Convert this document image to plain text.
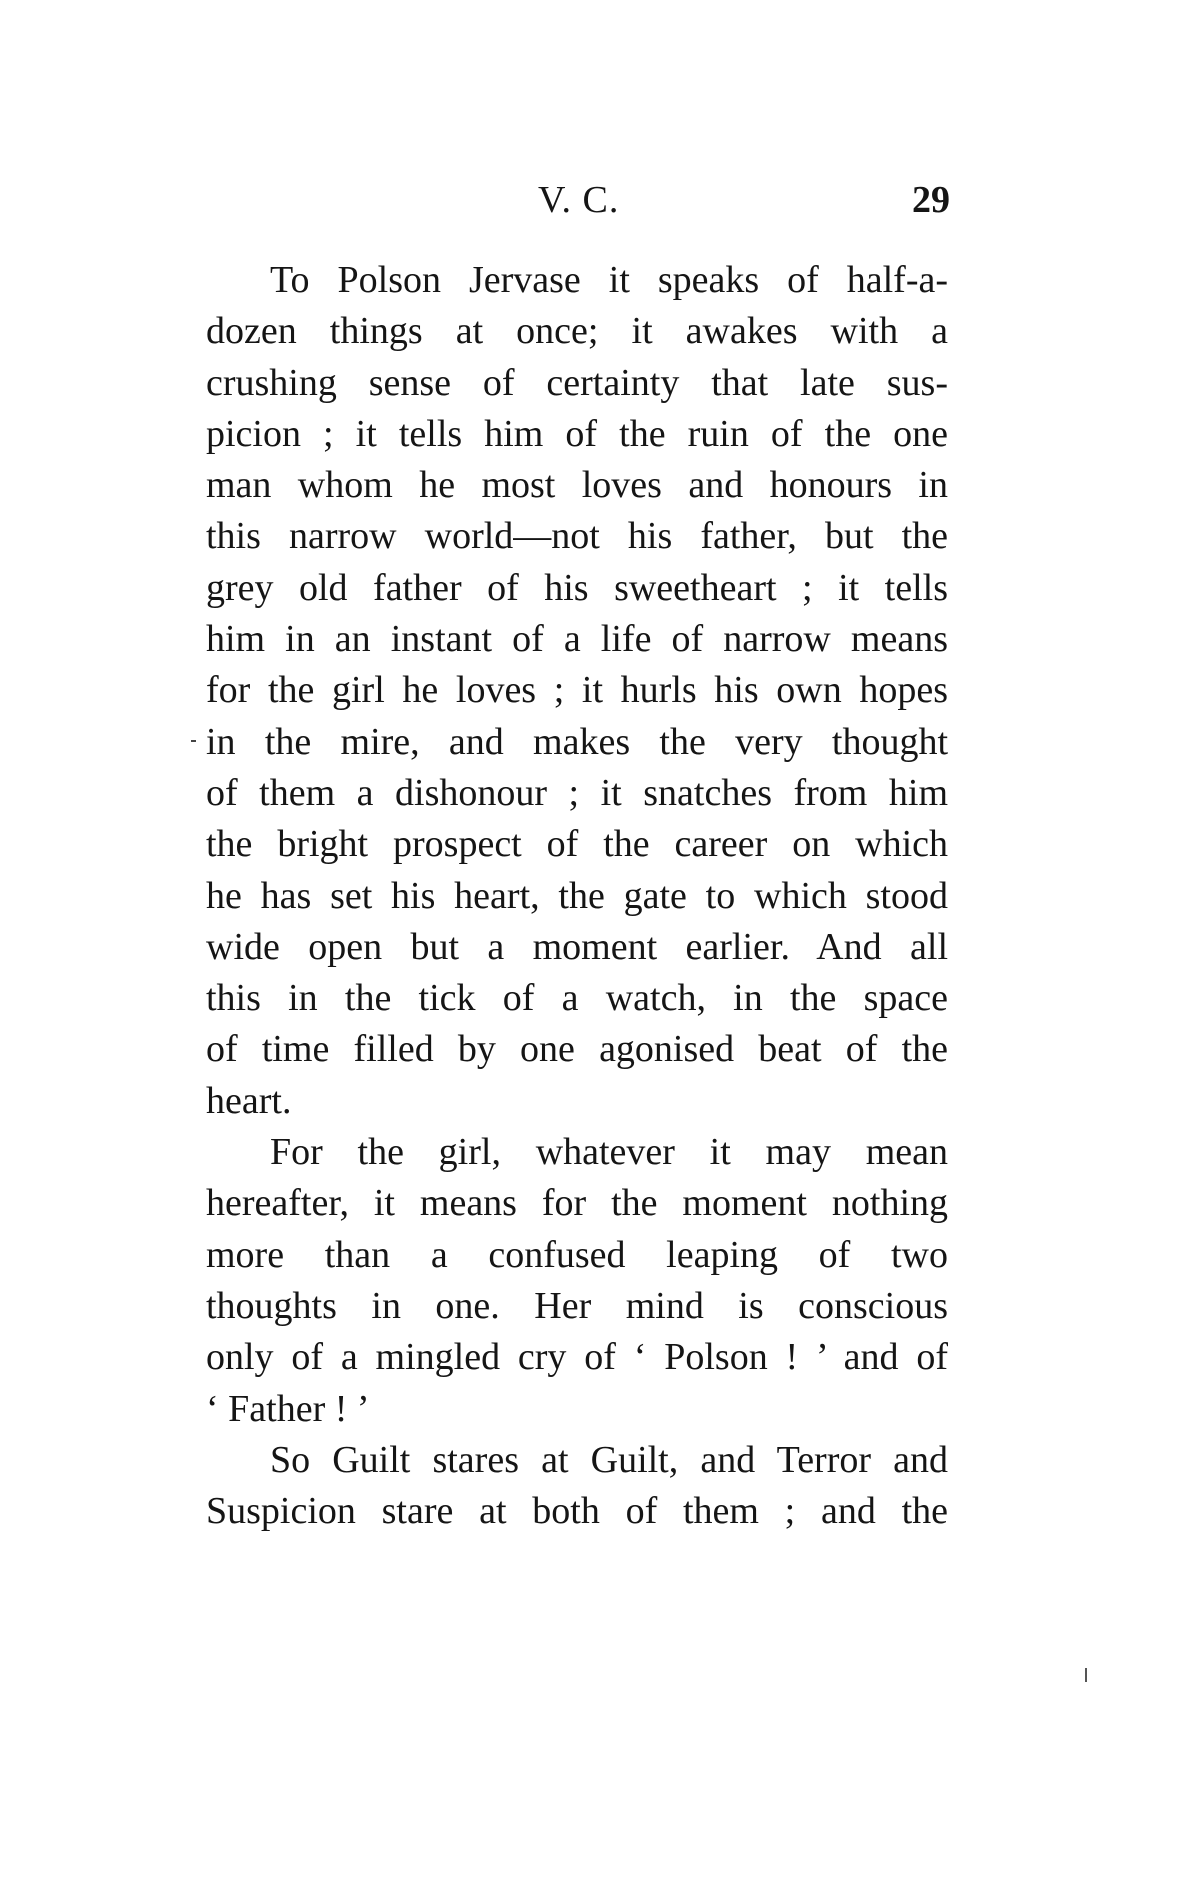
V. C.	29
To Polson Jervase it speaks of half-a-
dozen things at once; it awakes with a
crushing sense of certainty that late sus-
picion ; it tells him of the ruin of the one
man whom he most loves and honours in
this narrow world—not his father, but the
grey old father of his sweetheart ; it tells
him in an instant of a life of narrow means
for the girl he loves ; it hurls his own hopes
in the mire, and makes the very thought
of them a dishonour ; it snatches from him
the bright prospect of the career on which
he has set his heart, the gate to which stood
wide open but a moment earlier. And all
this in the tick of a watch, in the space
of time filled by one agonised beat of the
heart.
For the girl, whatever it may mean
hereafter, it means for the moment nothing
more than a confused leaping of two
thoughts in one. Her mind is conscious
only of a mingled cry of ‘ Polson ! ’ and of
‘ Father ! ’
So Guilt stares at Guilt, and Terror and
Suspicion stare at both of them ; and the
